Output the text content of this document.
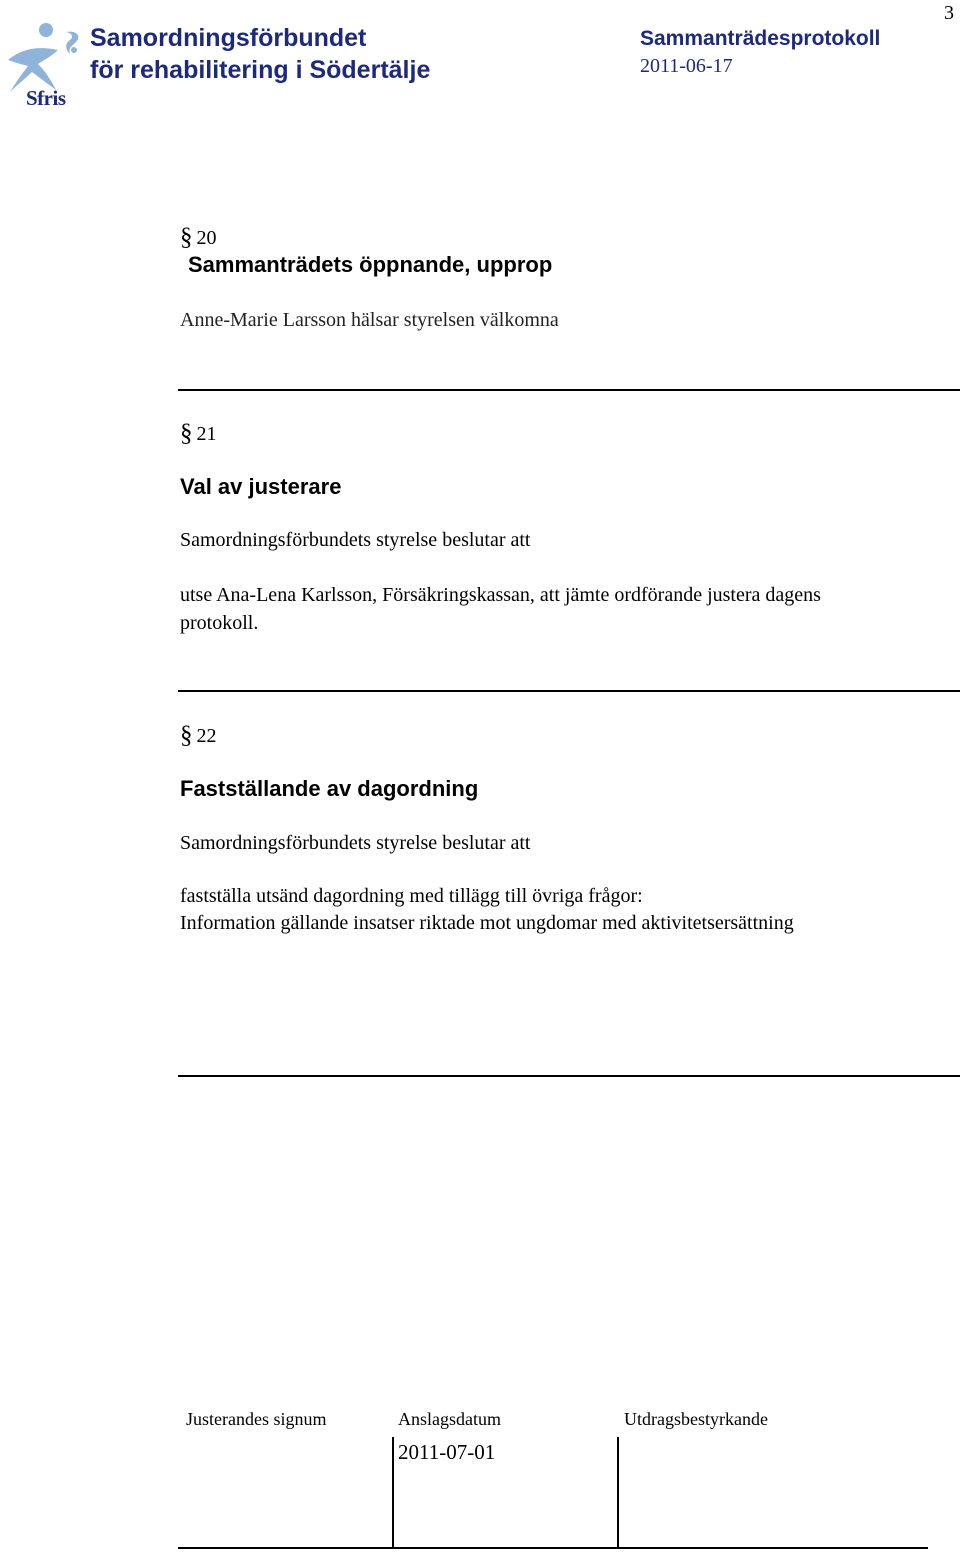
Sfris
Samordningsförbundet
för rehabilitering i Södertälje
Sammanträdesprotokoll
2011-06-17
3
§ 20
Sammanträdets öppnande, upprop
Anne-Marie Larsson hälsar styrelsen välkomna
§ 21
Val av justerare
Samordningsförbundets styrelse beslutar att
utse Ana-Lena Karlsson, Försäkringskassan, att jämte ordförande justera dagens
protokoll.
§ 22
Fastställande av dagordning
Samordningsförbundets styrelse beslutar att
fastställa utsänd dagordning med tillägg till övriga frågor:
Information gällande insatser riktade mot ungdomar med aktivitetsersättning
Justerandes signum	Anslagsdatum	Utdragsbestyrkande
2011-07-01
